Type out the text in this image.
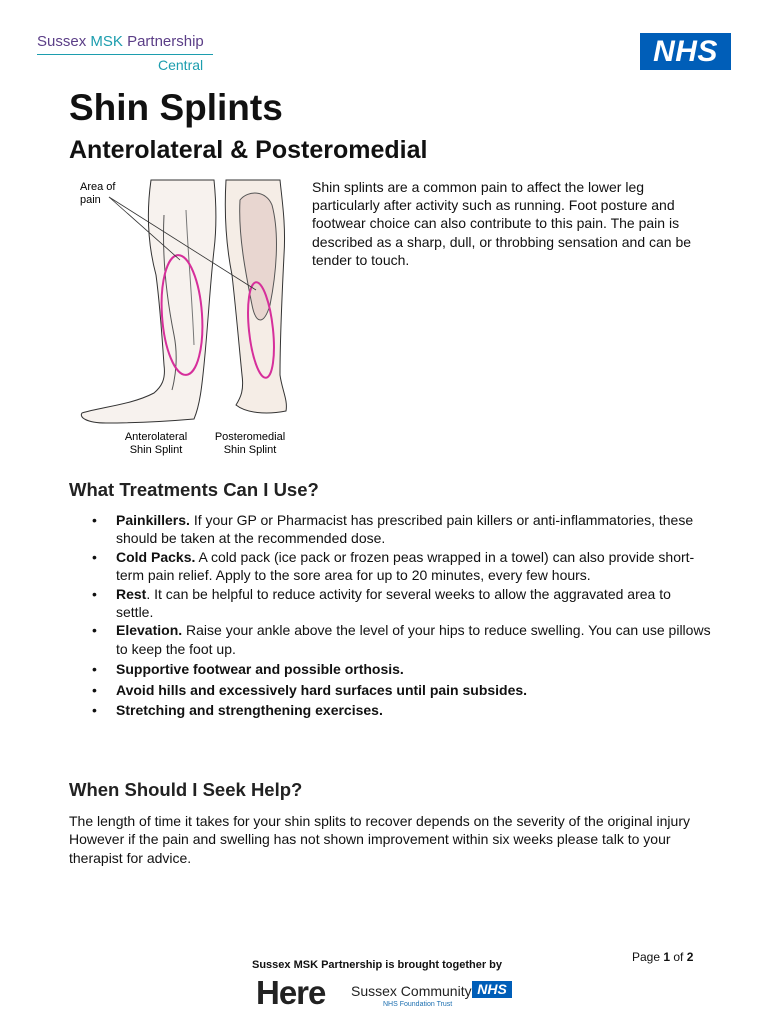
Sussex MSK Partnership
Central	NHS
Shin Splints
Anterolateral & Posteromedial
Area of
pain
Anterolateral
Shin Splint
Posteromedial
Shin Splint
Shin splints are a common pain to affect the lower leg particularly after activity such as running. Foot posture and footwear choice can also contribute to this pain. The pain is described as a sharp, dull, or throbbing sensation and can be tender to touch.
What Treatments Can I Use?
• Painkillers. If your GP or Pharmacist has prescribed pain killers or anti-inflammatories, these should be taken at the recommended dose.
• Cold Packs. A cold pack (ice pack or frozen peas wrapped in a towel) can also provide short-term pain relief. Apply to the sore area for up to 20 minutes, every few hours.
• Rest. It can be helpful to reduce activity for several weeks to allow the aggravated area to settle.
• Elevation. Raise your ankle above the level of your hips to reduce swelling. You can use pillows to keep the foot up.
• Supportive footwear and possible orthosis.
• Avoid hills and excessively hard surfaces until pain subsides.
• Stretching and strengthening exercises.
When Should I Seek Help?
The length of time it takes for your shin splits to recover depends on the severity of the original injury However if the pain and swelling has not shown improvement within six weeks please talk to your therapist for advice.
Page 1 of 2
Sussex MSK Partnership is brought together by
Here Sussex Community NHS
NHS Foundation Trust
